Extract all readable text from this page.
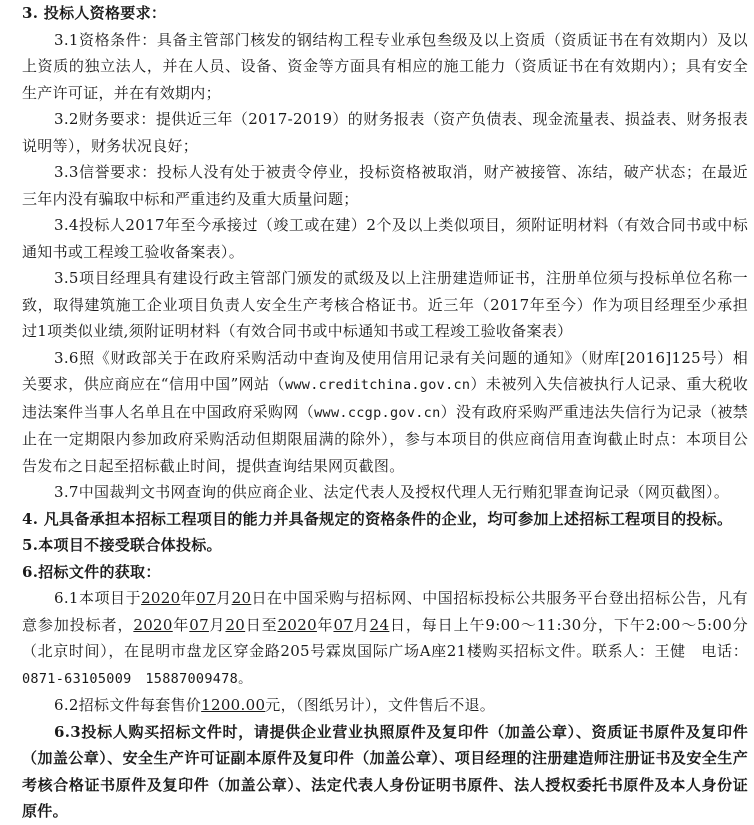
3. 投标人资格要求：

3.1资格条件：具备主管部门核发的钢结构工程专业承包叁级及以上资质（资质证书在有效期内）及以上资质的独立法人，并在人员、设备、资金等方面具有相应的施工能力（资质证书在有效期内）；具有安全生产许可证，并在有效期内；

3.2财务要求：提供近三年（2017-2019）的财务报表（资产负债表、现金流量表、损益表、财务报表说明等），财务状况良好；

3.3信誉要求：投标人没有处于被责令停业，投标资格被取消，财产被接管、冻结，破产状态；在最近三年内没有骗取中标和严重违约及重大质量问题；

3.4投标人2017年至今承接过（竣工或在建）2个及以上类似项目，须附证明材料（有效合同书或中标通知书或工程竣工验收备案表）。

3.5项目经理具有建设行政主管部门颁发的贰级及以上注册建造师证书，注册单位须与投标单位名称一致，取得建筑施工企业项目负责人安全生产考核合格证书。近三年（2017年至今）作为项目经理至少承担过1项类似业绩,须附证明材料（有效合同书或中标通知书或工程竣工验收备案表）

3.6照《财政部关于在政府采购活动中查询及使用信用记录有关问题的通知》（财库[2016]125号）相关要求，供应商应在“信用中国”网站（www.creditchina.gov.cn）未被列入失信被执行人记录、重大税收违法案件当事人名单且在中国政府采购网（www.ccgp.gov.cn）没有政府采购严重违法失信行为记录（被禁止在一定期限内参加政府采购活动但期限届满的除外），参与本项目的供应商信用查询截止时点：本项目公告发布之日起至招标截止时间，提供查询结果网页截图。

3.7中国裁判文书网查询的供应商企业、法定代表人及授权代理人无行贿犯罪查询记录（网页截图）。

4. 凡具备承担本招标工程项目的能力并具备规定的资格条件的企业，均可参加上述招标工程项目的投标。

5.本项目不接受联合体投标。

6.招标文件的获取：

6.1本项目于2020年07月20日在中国采购与招标网、中国招标投标公共服务平台登出招标公告，凡有意参加投标者，2020年07月20日至2020年07月24日，每日上午9:00～11:30分，下午2:00～5:00分（北京时间），在昆明市盘龙区穿金路205号霖岚国际广场A座21楼购买招标文件。联系人：王健　电话：0871-63105009　15887009478。

6.2招标文件每套售价1200.00元，（图纸另计），文件售后不退。

6.3投标人购买招标文件时，请提供企业营业执照原件及复印件（加盖公章）、资质证书原件及复印件（加盖公章）、安全生产许可证副本原件及复印件（加盖公章）、项目经理的注册建造师注册证书及安全生产考核合格证书原件及复印件（加盖公章）、法定代表人身份证明书原件、法人授权委托书原件及本人身份证原件。
